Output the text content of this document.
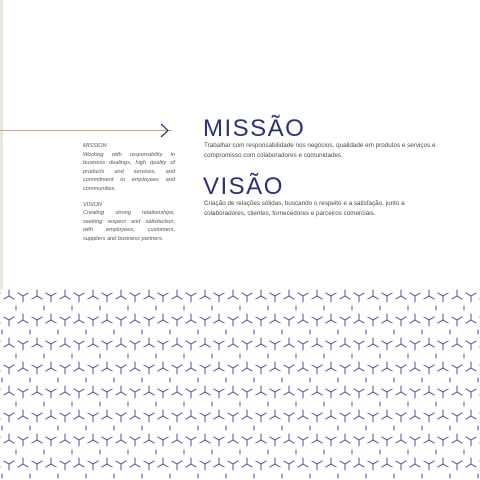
MISSION
Working with responsibility in business dealings, high quality of products and services, and commitment to employees and communities.
VISION
Creating strong relationships, seeking respect and satisfaction, with employees, customers, suppliers and business partners.
MISSÃO
Trabalhar com responsabilidade nos negócios, qualidade em produtos e serviços e compromisso com colaboradores e comunidades.
VISÃO
Criação de relações sólidas, buscando o respeito e a satisfação, junto a colaboradores, clientes, fornecedores e parceiros comerciais.
